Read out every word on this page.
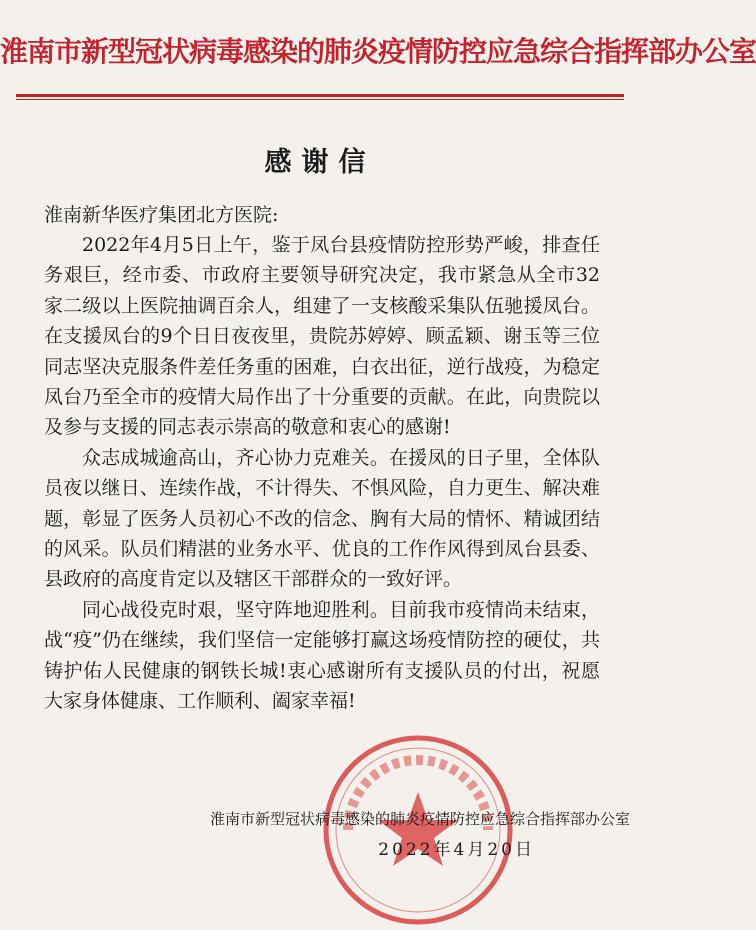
淮南市新型冠状病毒感染的肺炎疫情防控应急综合指挥部办公室
感谢信
淮南新华医疗集团北方医院:

2022年4月5日上午，鉴于凤台县疫情防控形势严峻，排查任务艰巨，经市委、市政府主要领导研究决定，我市紧急从全市32家二级以上医院抽调百余人，组建了一支核酸采集队伍驰援凤台。在支援凤台的9个日日夜夜里，贵院苏婷婷、顾孟颖、谢玉等三位同志坚决克服条件差任务重的困难，白衣出征，逆行战疫，为稳定凤台乃至全市的疫情大局作出了十分重要的贡献。在此，向贵院以及参与支援的同志表示崇高的敬意和衷心的感谢!

众志成城逾高山，齐心协力克难关。在援凤的日子里，全体队员夜以继日、连续作战，不计得失、不惧风险，自力更生、解决难题，彰显了医务人员初心不改的信念、胸有大局的情怀、精诚团结的风采。队员们精湛的业务水平、优良的工作作风得到凤台县委、县政府的高度肯定以及辖区干部群众的一致好评。

同心战役克时艰，坚守阵地迎胜利。目前我市疫情尚未结束，战“疫”仍在继续，我们坚信一定能够打赢这场疫情防控的硬仗，共铸护佑人民健康的钢铁长城!衷心感谢所有支援队员的付出，祝愿大家身体健康、工作顺利、阖家幸福!

淮南市新型冠状病毒感染的肺炎疫情防控应急综合指挥部办公室
2022年4月20日
